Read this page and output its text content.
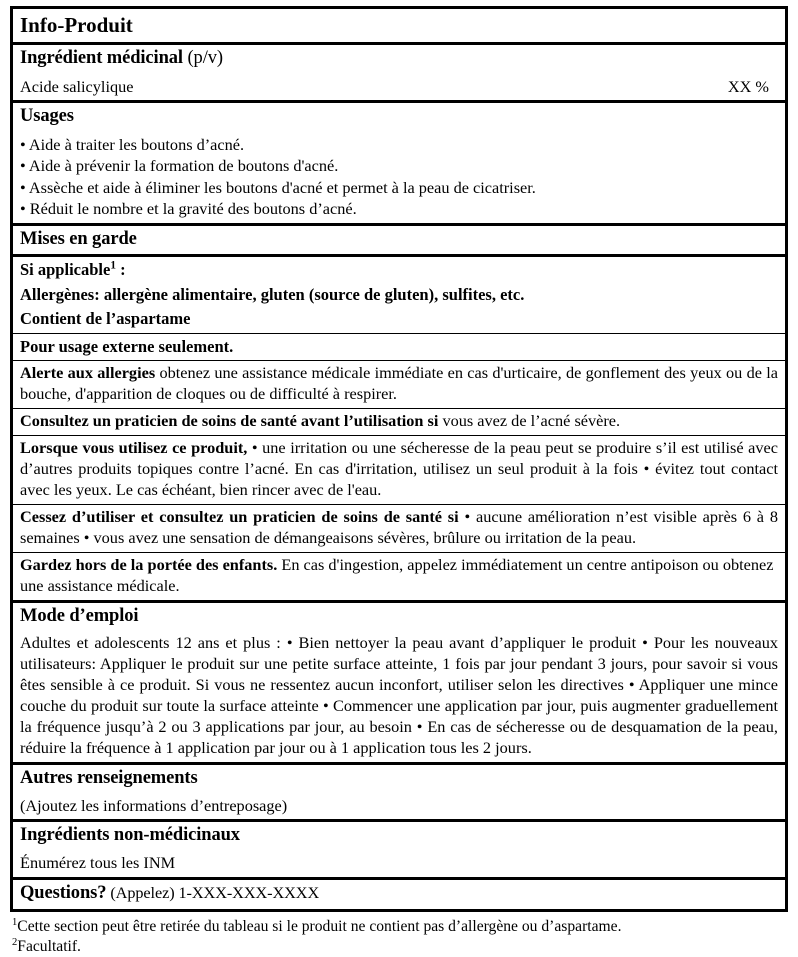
Info-Produit
Ingrédient médicinal (p/v)
Acide salicylique	XX %
Usages
• Aide à traiter les boutons d’acné.
• Aide à prévenir la formation de boutons d'acné.
• Assèche et aide à éliminer les boutons d'acné et permet à la peau de cicatriser.
• Réduit le nombre et la gravité des boutons d’acné.
Mises en garde
Si applicable$^1$ :
Allergènes: allergène alimentaire, gluten (source de gluten), sulfites, etc.
Contient de l’aspartame
Pour usage externe seulement.
Alerte aux allergies obtenez une assistance médicale immédiate en cas d'urticaire, de gonflement des yeux ou de la bouche, d'apparition de cloques ou de difficulté à respirer.
Consultez un praticien de soins de santé avant l’utilisation si vous avez de l’acné sévère.
Lorsque vous utilisez ce produit, • une irritation ou une sécheresse de la peau peut se produire s’il est utilisé avec d’autres produits topiques contre l’acné. En cas d'irritation, utilisez un seul produit à la fois • évitez tout contact avec les yeux. Le cas échéant, bien rincer avec de l'eau.
Cessez d’utiliser et consultez un praticien de soins de santé si • aucune amélioration n’est visible après 6 à 8 semaines • vous avez une sensation de démangeaisons sévères, brûlure ou irritation de la peau.
Gardez hors de la portée des enfants. En cas d'ingestion, appelez immédiatement un centre antipoison ou obtenez une assistance médicale.
Mode d’emploi
Adultes et adolescents 12 ans et plus : • Bien nettoyer la peau avant d’appliquer le produit • Pour les nouveaux utilisateurs: Appliquer le produit sur une petite surface atteinte, 1 fois par jour pendant 3 jours, pour savoir si vous êtes sensible à ce produit. Si vous ne ressentez aucun inconfort, utiliser selon les directives • Appliquer une mince couche du produit sur toute la surface atteinte • Commencer une application par jour, puis augmenter graduellement la fréquence jusqu’à 2 ou 3 applications par jour, au besoin • En cas de sécheresse ou de desquamation de la peau, réduire la fréquence à 1 application par jour ou à 1 application tous les 2 jours.
Autres renseignements
(Ajoutez les informations d’entreposage)
Ingrédients non-médicinaux
Énumérez tous les INM
Questions? (Appelez) 1-XXX-XXX-XXXX
$^1$Cette section peut être retirée du tableau si le produit ne contient pas d’allergène ou d’aspartame.
$^2$Facultatif.
